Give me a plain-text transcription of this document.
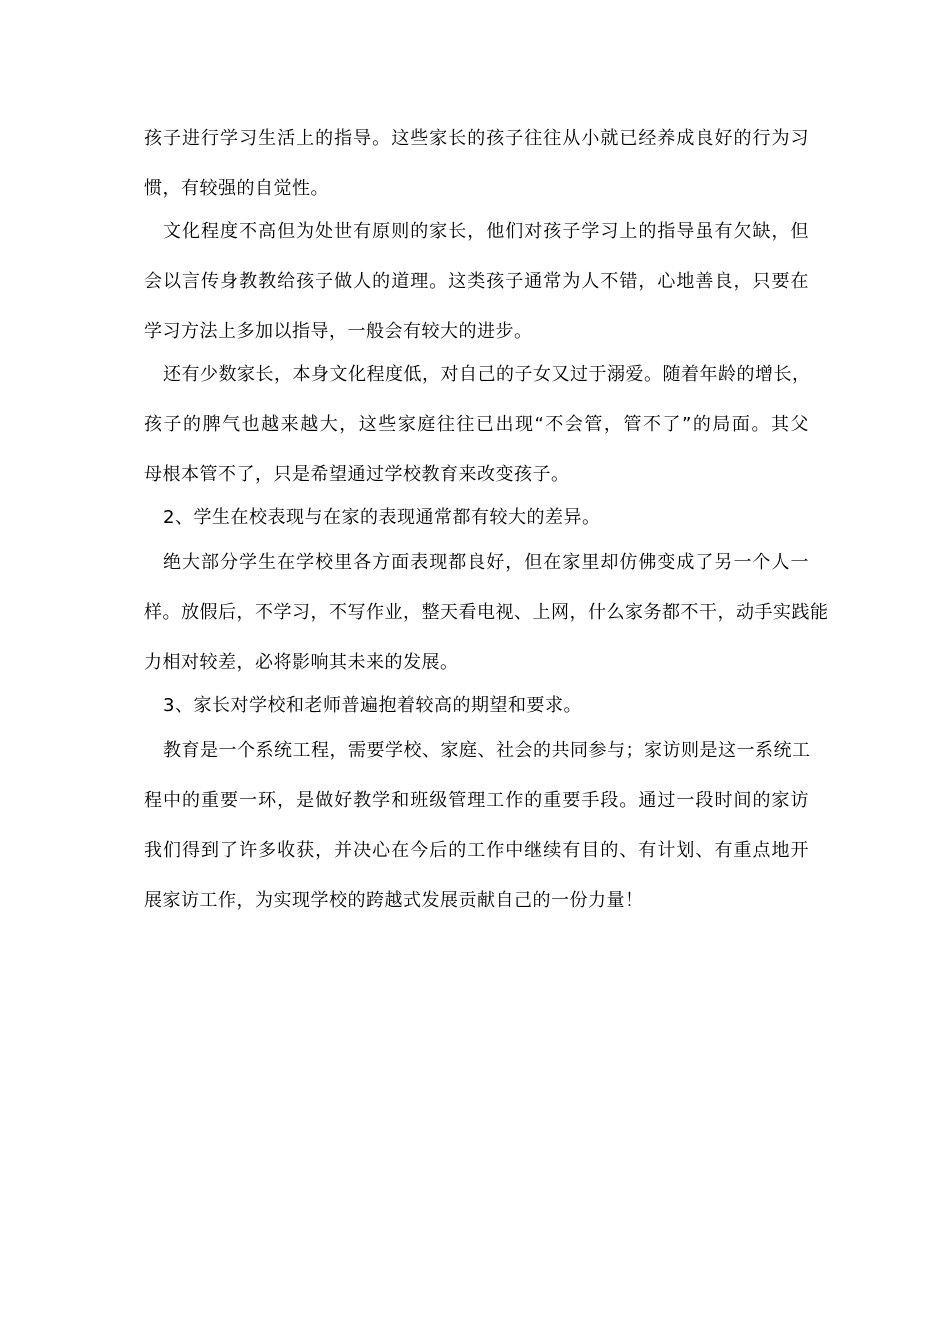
孩子进行学习生活上的指导。这些家长的孩子往往从小就已经养成良好的行为习
惯，有较强的自觉性。
　文化程度不高但为处世有原则的家长，他们对孩子学习上的指导虽有欠缺，但
会以言传身教教给孩子做人的道理。这类孩子通常为人不错，心地善良，只要在
学习方法上多加以指导，一般会有较大的进步。
还有少数家长，本身文化程度低，对自己的子女又过于溺爱。随着年龄的增长，
孩子的脾气也越来越大，这些家庭往往已出现“不会管，管不了”的局面。其父
母根本管不了，只是希望通过学校教育来改变孩子。
2、学生在校表现与在家的表现通常都有较大的差异。
绝大部分学生在学校里各方面表现都良好，但在家里却仿佛变成了另一个人一
样。放假后，不学习，不写作业，整天看电视、上网，什么家务都不干，动手实践能
力相对较差，必将影响其未来的发展。
3、家长对学校和老师普遍抱着较高的期望和要求。
教育是一个系统工程，需要学校、家庭、社会的共同参与；家访则是这一系统工
程中的重要一环，是做好教学和班级管理工作的重要手段。通过一段时间的家访
我们得到了许多收获，并决心在今后的工作中继续有目的、有计划、有重点地开
展家访工作，为实现学校的跨越式发展贡献自己的一份力量！
